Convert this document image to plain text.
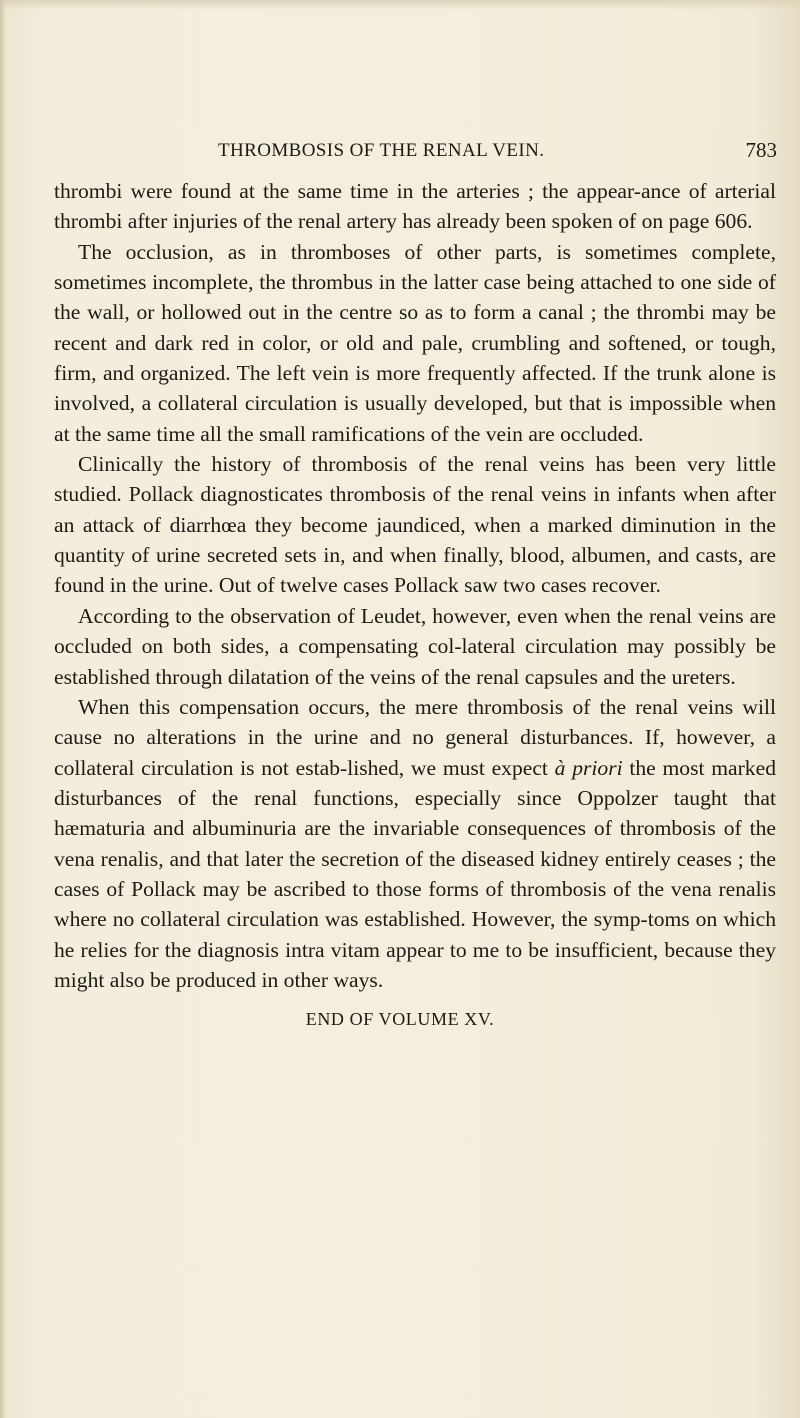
THROMBOSIS OF THE RENAL VEIN.	783

thrombi were found at the same time in the arteries ; the appear-ance of arterial thrombi after injuries of the renal artery has already been spoken of on page 606.

The occlusion, as in thromboses of other parts, is sometimes complete, sometimes incomplete, the thrombus in the latter case being attached to one side of the wall, or hollowed out in the centre so as to form a canal ; the thrombi may be recent and dark red in color, or old and pale, crumbling and softened, or tough, firm, and organized. The left vein is more frequently affected. If the trunk alone is involved, a collateral circulation is usually developed, but that is impossible when at the same time all the small ramifications of the vein are occluded.

Clinically the history of thrombosis of the renal veins has been very little studied. Pollack diagnosticates thrombosis of the renal veins in infants when after an attack of diarrhœa they become jaundiced, when a marked diminution in the quantity of urine secreted sets in, and when finally, blood, albumen, and casts, are found in the urine. Out of twelve cases Pollack saw two cases recover.

According to the observation of Leudet, however, even when the renal veins are occluded on both sides, a compensating col-lateral circulation may possibly be established through dilatation of the veins of the renal capsules and the ureters.

When this compensation occurs, the mere thrombosis of the renal veins will cause no alterations in the urine and no general disturbances. If, however, a collateral circulation is not estab-lished, we must expect à priori the most marked disturbances of the renal functions, especially since Oppolzer taught that hæmaturia and albuminuria are the invariable consequences of thrombosis of the vena renalis, and that later the secretion of the diseased kidney entirely ceases ; the cases of Pollack may be ascribed to those forms of thrombosis of the vena renalis where no collateral circulation was established. However, the symp-toms on which he relies for the diagnosis intra vitam appear to me to be insufficient, because they might also be produced in other ways.

END OF VOLUME XV.
